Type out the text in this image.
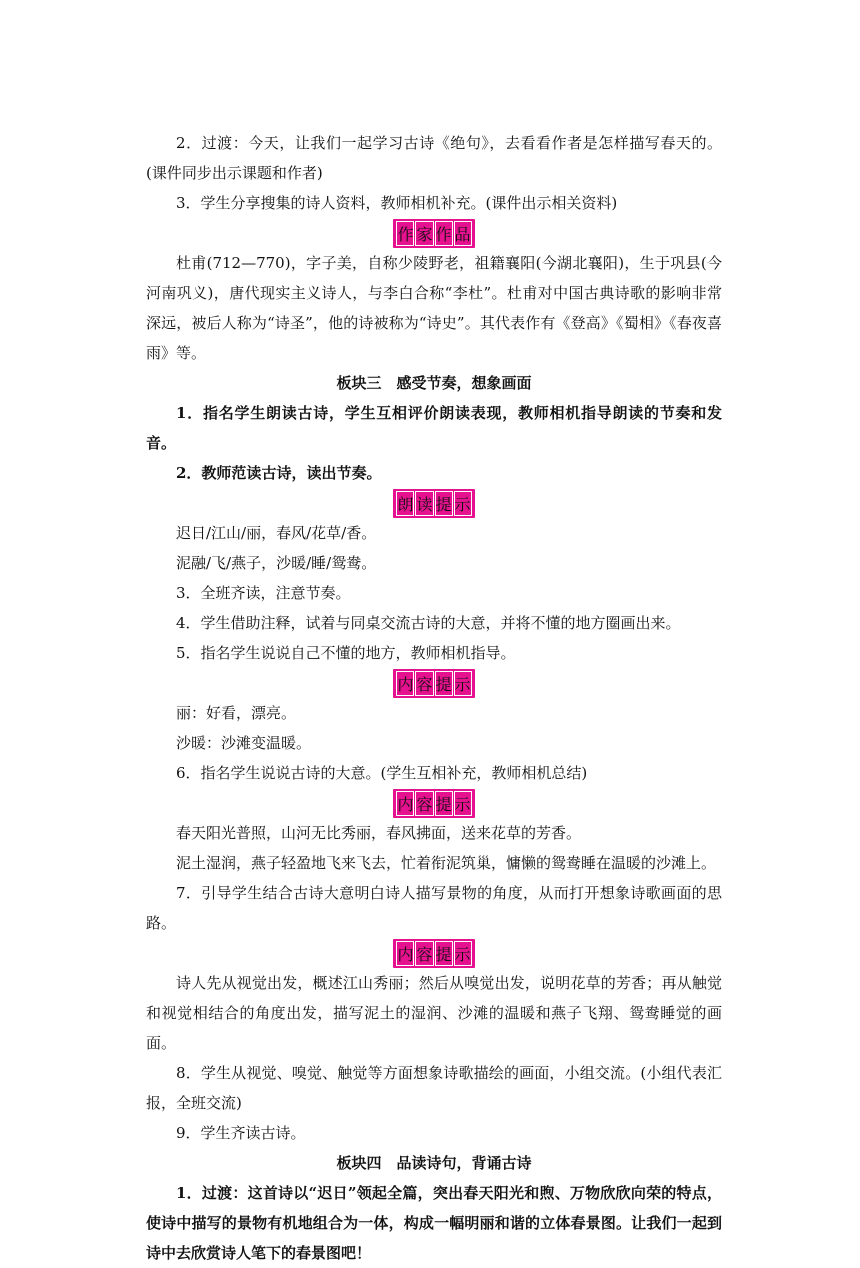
2．过渡：今天，让我们一起学习古诗《绝句》，去看看作者是怎样描写春天的。(课件同步出示课题和作者)

3．学生分享搜集的诗人资料，教师相机补充。(课件出示相关资料)

作 家 作 品

杜甫(712—770)，字子美，自称少陵野老，祖籍襄阳(今湖北襄阳)，生于巩县(今河南巩义)，唐代现实主义诗人，与李白合称“李杜”。杜甫对中国古典诗歌的影响非常深远，被后人称为“诗圣”，他的诗被称为“诗史”。其代表作有《登高》《蜀相》《春夜喜雨》等。

板块三　感受节奏，想象画面

1．指名学生朗读古诗，学生互相评价朗读表现，教师相机指导朗读的节奏和发音。

2．教师范读古诗，读出节奏。

朗 读 提 示

迟日/江山/丽，春风/花草/香。

泥融/飞/燕子，沙暖/睡/鸳鸯。

3．全班齐读，注意节奏。

4．学生借助注释，试着与同桌交流古诗的大意，并将不懂的地方圈画出来。

5．指名学生说说自己不懂的地方，教师相机指导。

内 容 提 示

丽：好看，漂亮。

沙暖：沙滩变温暖。

6．指名学生说说古诗的大意。(学生互相补充，教师相机总结)

内 容 提 示

春天阳光普照，山河无比秀丽，春风拂面，送来花草的芳香。

泥土湿润，燕子轻盈地飞来飞去，忙着衔泥筑巢，慵懒的鸳鸯睡在温暖的沙滩上。

7．引导学生结合古诗大意明白诗人描写景物的角度，从而打开想象诗歌画面的思路。

内 容 提 示

诗人先从视觉出发，概述江山秀丽；然后从嗅觉出发，说明花草的芳香；再从触觉和视觉相结合的角度出发，描写泥土的湿润、沙滩的温暖和燕子飞翔、鸳鸯睡觉的画面。

8．学生从视觉、嗅觉、触觉等方面想象诗歌描绘的画面，小组交流。(小组代表汇报，全班交流)

9．学生齐读古诗。

板块四　品读诗句，背诵古诗

1．过渡：这首诗以“迟日”领起全篇，突出春天阳光和煦、万物欣欣向荣的特点，使诗中描写的景物有机地组合为一体，构成一幅明丽和谐的立体春景图。让我们一起到诗中去欣赏诗人笔下的春景图吧！
